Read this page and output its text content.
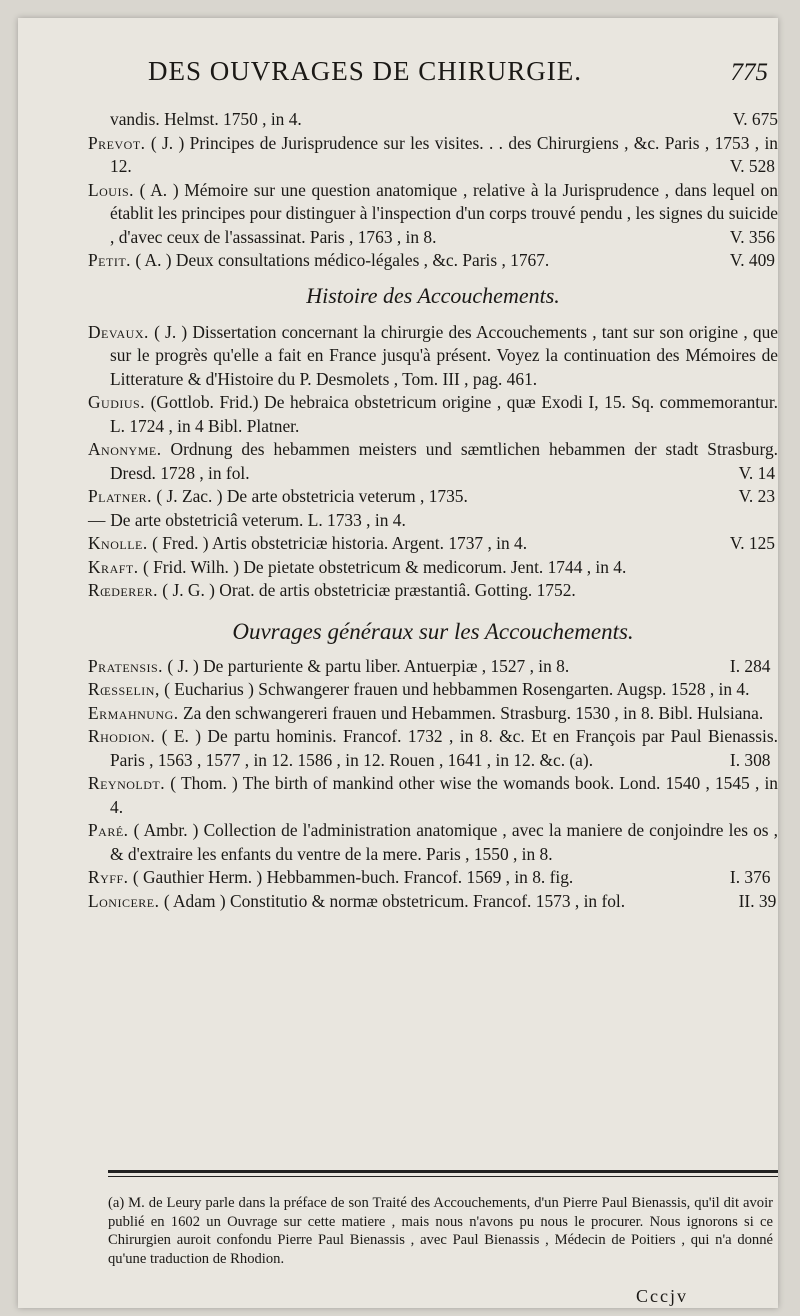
DES OUVRAGES DE CHIRURGIE.	775

vandis. Helmst. 1750 , in 4.	V. 675

Prevot. ( J. ) Principes de Jurisprudence sur les visites. . . des Chirurgiens , &c. Paris , 1753 , in 12.	V. 528

Louis. ( A. ) Mémoire sur une question anatomique , relative à la Jurisprudence , dans lequel on établit les principes pour distinguer à l'inspection d'un corps trouvé pendu , les signes du suicide , d'avec ceux de l'assassinat. Paris , 1763 , in 8.	V. 356

Petit. ( A. ) Deux consultations médico-légales , &c. Paris , 1767.	V. 409

Histoire des Accouchements.

Devaux. ( J. ) Dissertation concernant la chirurgie des Accouchements , tant sur son origine , que sur le progrès qu'elle a fait en France jusqu'à présent. Voyez la continuation des Mémoires de Litterature & d'Histoire du P. Desmolets , Tom. III , pag. 461.

Gudius. (Gottlob. Frid.) De hebraica obstetricum origine , quæ Exodi I, 15. Sq. commemorantur. L. 1724 , in 4 Bibl. Platner.

Anonyme. Ordnung des hebammen meisters und sæmtlichen hebammen der stadt Strasburg. Dresd. 1728 , in fol.	V. 14

Platner. ( J. Zac. ) De arte obstetricia veterum , 1735.	V. 23

— De arte obstetriciâ veterum. L. 1733 , in 4.

Knolle. ( Fred. ) Artis obstetriciæ historia. Argent. 1737 , in 4.	V. 125

Kraft. ( Frid. Wilh. ) De pietate obstetricum & medicorum. Jent. 1744 , in 4.

Rœderer. ( J. G. ) Orat. de artis obstetriciæ præstantiâ. Gotting. 1752.

Ouvrages généraux sur les Accouchements.

Pratensis. ( J. ) De parturiente & partu liber. Antuerpiæ , 1527 , in 8.	I. 284

Rœsselin, ( Eucharius ) Schwangerer frauen und hebbammen Rosengarten. Augsp. 1528 , in 4.

Ermahnung. Za den schwangereri frauen und Hebammen. Strasburg. 1530 , in 8. Bibl. Hulsiana.

Rhodion. ( E. ) De partu hominis. Francof. 1732 , in 8. &c. Et en François par Paul Bienassis. Paris , 1563 , 1577 , in 12. 1586 , in 12. Rouen , 1641 , in 12. &c. (a).	I. 308

Reynoldt. ( Thom. ) The birth of mankind other wise the womands book. Lond. 1540 , 1545 , in 4.

Paré. ( Ambr. ) Collection de l'administration anatomique , avec la maniere de conjoindre les os , & d'extraire les enfants du ventre de la mere. Paris , 1550 , in 8.

Ryff. ( Gauthier Herm. ) Hebbammen-buch. Francof. 1569 , in 8. fig.	I. 376

Lonicere. ( Adam ) Constitutio & normæ obstetricum. Francof. 1573 , in fol.	II. 39

(a) M. de Leury parle dans la préface de son Traité des Accouchements, d'un Pierre Paul Bienassis, qu'il dit avoir publié en 1602 un Ouvrage sur cette matiere , mais nous n'avons pu nous le procurer. Nous ignorons si ce Chirurgien auroit confondu Pierre Paul Bienassis , avec Paul Bienassis , Médecin de Poitiers , qui n'a donné qu'une traduction de Rhodion.
Cccjv
